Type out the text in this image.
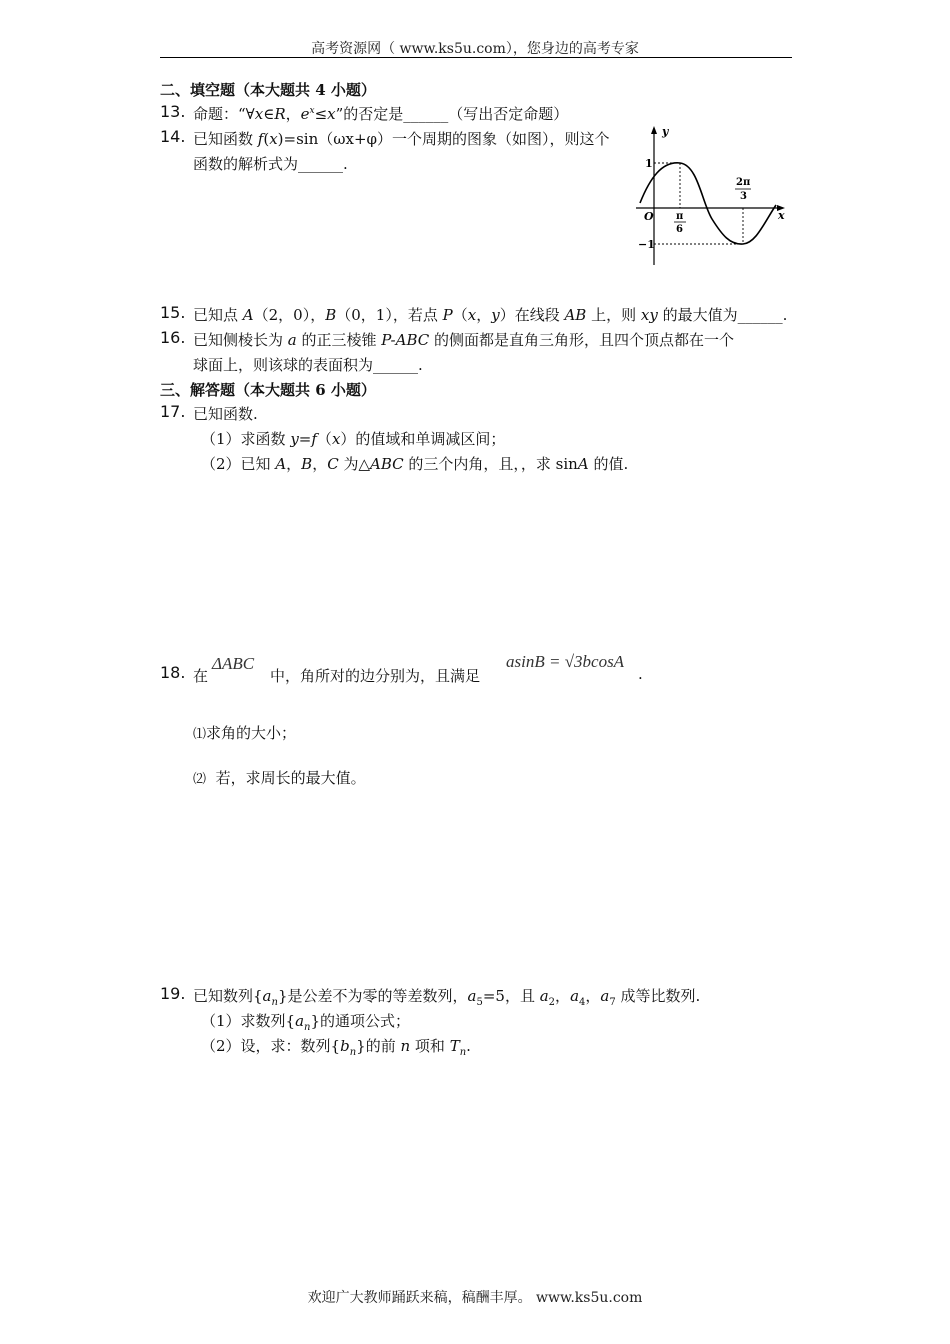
高考资源网（ www.ks5u.com），您身边的高考专家
二、填空题（本大题共 4 小题）
13. 命题：“∀x∈R，$e^x\le x$”的否定是______（写出否定命题）
14. 已知函数 f(x)=sin（ωx+φ）一个周期的图象（如图），则这个
函数的解析式为______.
y
x
O
1
−1
π
6
2π
3
15. 已知点 A（2，0），B（0，1），若点 P（x，y）在线段 AB 上，则 xy 的最大值为______.
16. 已知侧棱长为 a 的正三棱锥 P-ABC 的侧面都是直角三角形，且四个顶点都在一个
球面上，则该球的表面积为______.
三、解答题（本大题共 6 小题）
17. 已知函数.
（1）求函数 y=f（x）的值域和单调减区间；
（2）已知 A，B，C 为△ABC 的三个内角，且，，求 sinA 的值.
18. 在
ΔABC
中，角所对的边分别为，且满足
asinB = √3bcosA
.
⑴求角的大小；
⑵ 若，求周长的最大值。
19. 已知数列$\{a_n\}$是公差不为零的等差数列，$a_5=5$，且 $a_2$，$a_4$，$a_7$ 成等比数列.
（1）求数列$\{a_n\}$的通项公式；
（2）设，求：数列$\{b_n\}$的前 n 项和 $T_n$.
欢迎广大教师踊跃来稿，稿酬丰厚。 www.ks5u.com
